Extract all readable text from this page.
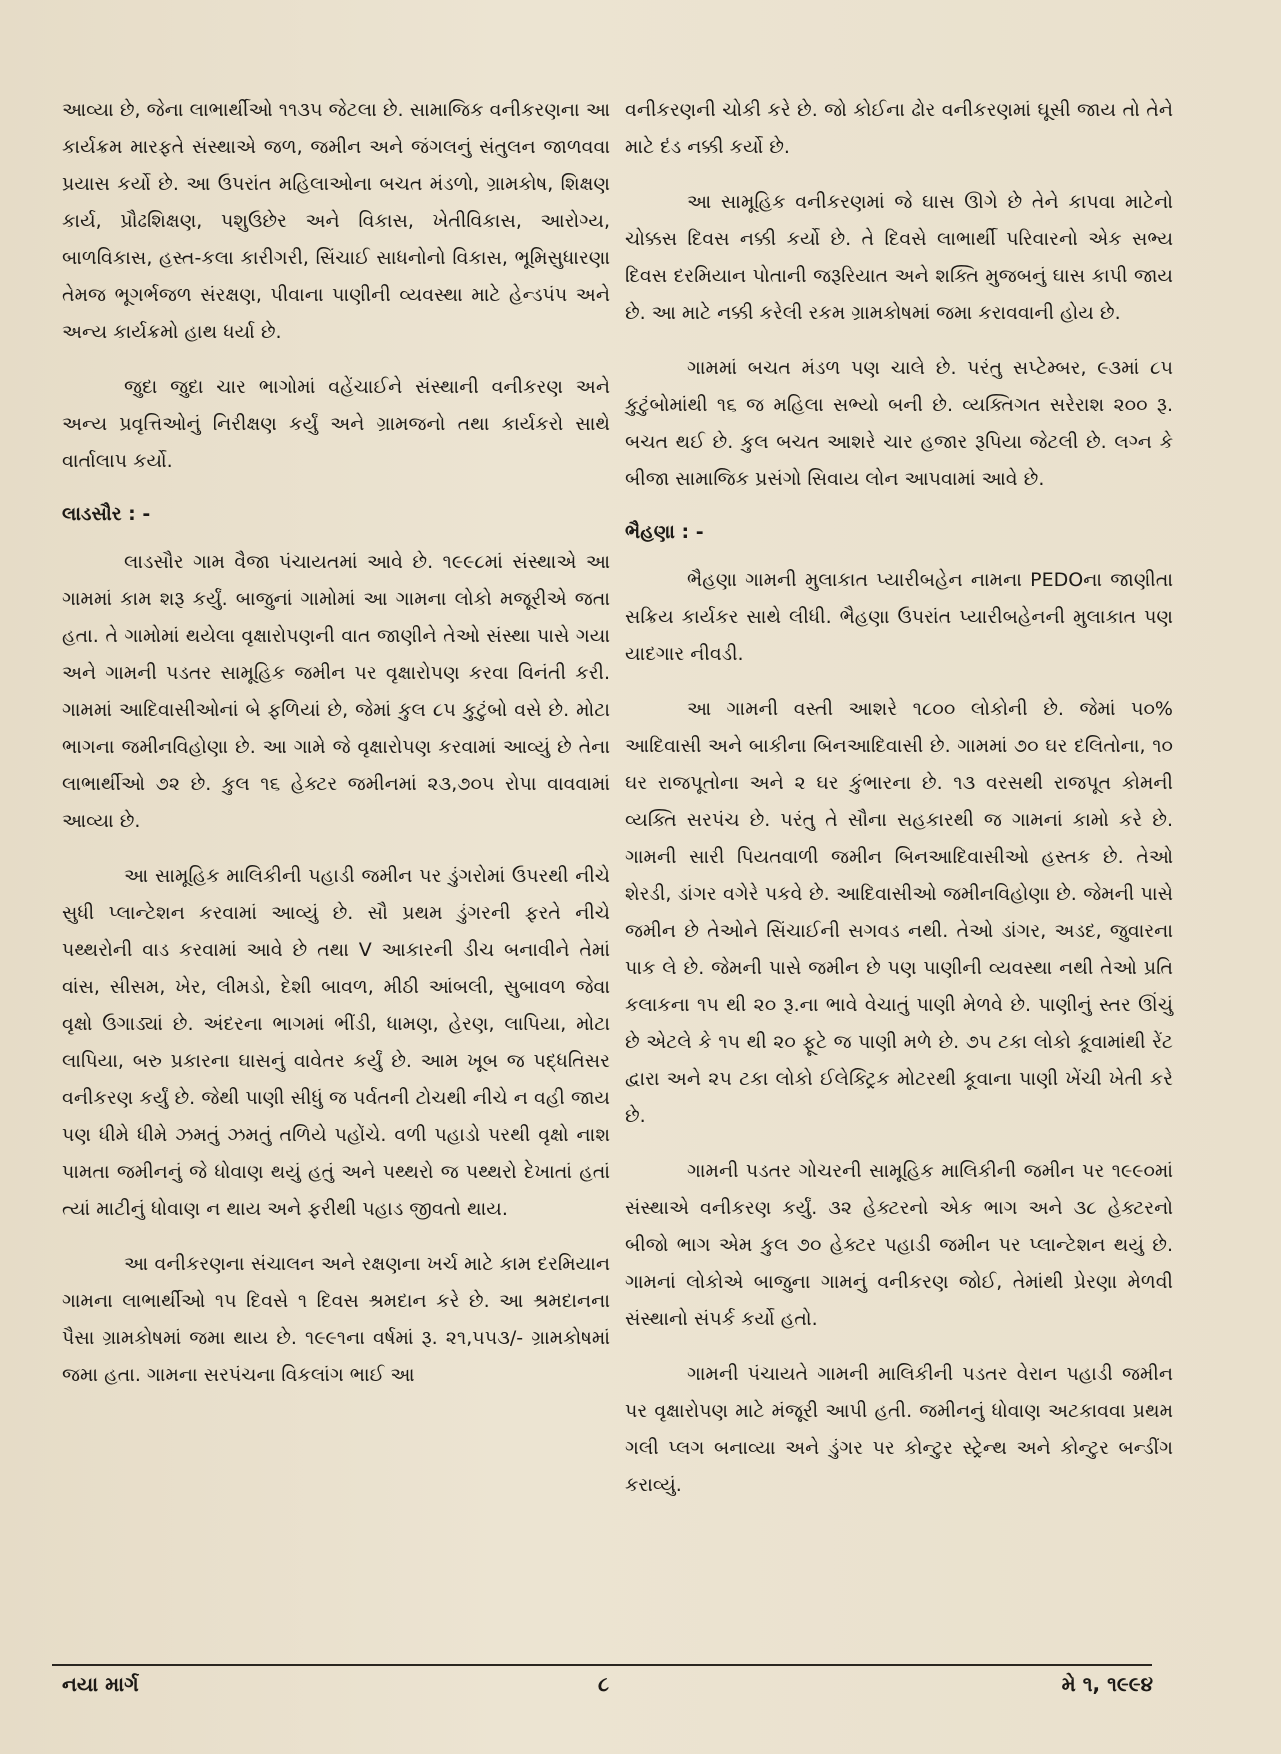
આવ્યા છે, જેના લાભાર્થીઓ ૧૧૩૫ જેટલા છે. સામાજિક વનીકરણના આ કાર્યક્રમ મારફતે સંસ્થાએ જળ, જમીન અને જંગલનું સંતુલન જાળવવા પ્રયાસ કર્યો છે. આ ઉપરાંત મહિલાઓના બચત મંડળો, ગ્રામકોષ, શિક્ષણ કાર્ય, પ્રૌઢશિક્ષણ, પશુઉછેર અને વિકાસ, ખેતીવિકાસ, આરોગ્ય, બાળવિકાસ, હસ્ત-કલા કારીગરી, સિંચાઈ સાધનોનો વિકાસ, ભૂમિસુધારણા તેમજ ભૂગર્ભજળ સંરક્ષણ, પીવાના પાણીની વ્યવસ્થા માટે હેન્ડપંપ અને અન્ય કાર્યક્રમો હાથ ધર્યા છે.

જુદા જુદા ચાર ભાગોમાં વહેંચાઈને સંસ્થાની વનીકરણ અને અન્ય પ્રવૃત્તિઓનું નિરીક્ષણ કર્યું અને ગ્રામજનો તથા કાર્યકરો સાથે વાર્તાલાપ કર્યો.

લાડસૌર : -

લાડસૌર ગામ વૈજા પંચાયતમાં આવે છે. ૧૯૯૮માં સંસ્થાએ આ ગામમાં કામ શરૂ કર્યું. બાજુનાં ગામોમાં આ ગામના લોકો મજૂરીએ જતા હતા. તે ગામોમાં થયેલા વૃક્ષારોપણની વાત જાણીને તેઓ સંસ્થા પાસે ગયા અને ગામની પડતર સામૂહિક જમીન પર વૃક્ષારોપણ કરવા વિનંતી કરી. ગામમાં આદિવાસીઓનાં બે ફળિયાં છે, જેમાં કુલ ૮૫ કુટુંબો વસે છે. મોટા ભાગના જમીનવિહોણા છે. આ ગામે જે વૃક્ષારોપણ કરવામાં આવ્યું છે તેના લાભાર્થીઓ ૭૨ છે. કુલ ૧૬ હેક્ટર જમીનમાં ૨૩,૭૦૫ રોપા વાવવામાં આવ્યા છે.

આ સામૂહિક માલિકીની પહાડી જમીન પર ડુંગરોમાં ઉપરથી નીચે સુધી પ્લાન્ટેશન કરવામાં આવ્યું છે. સૌ પ્રથમ ડુંગરની ફરતે નીચે પથ્થરોની વાડ કરવામાં આવે છે તથા V આકારની ડીચ બનાવીને તેમાં વાંસ, સીસમ, ખેર, લીમડો, દેશી બાવળ, મીઠી આંબલી, સુબાવળ જેવા વૃક્ષો ઉગાડ્યાં છે. અંદરના ભાગમાં ભીંડી, ધામણ, હેરણ, લાપિયા, મોટા લાપિયા, બરુ પ્રકારના ઘાસનું વાવેતર કર્યું છે. આમ ખૂબ જ પદ્ધતિસર વનીકરણ કર્યું છે. જેથી પાણી સીધું જ પર્વતની ટોચથી નીચે ન વહી જાય પણ ધીમે ધીમે ઝમતું ઝમતું તળિયે પહોંચે. વળી પહાડો પરથી વૃક્ષો નાશ પામતા જમીનનું જે ધોવાણ થયું હતું અને પથ્થરો જ પથ્થરો દેખાતાં હતાં ત્યાં માટીનું ધોવાણ ન થાય અને ફરીથી પહાડ જીવતો થાય.

આ વનીકરણના સંચાલન અને રક્ષણના ખર્ચ માટે કામ દરમિયાન ગામના લાભાર્થીઓ ૧૫ દિવસે ૧ દિવસ શ્રમદાન કરે છે. આ શ્રમદાનના પૈસા ગ્રામકોષમાં જમા થાય છે. ૧૯૯૧ના વર્ષમાં રૂ. ૨૧,૫૫૩/- ગ્રામકોષમાં જમા હતા. ગામના સરપંચના વિકલાંગ ભાઈ આ

વનીકરણની ચોકી કરે છે. જો કોઈના ઢોર વનીકરણમાં ઘૂસી જાય તો તેને માટે દંડ નક્કી કર્યો છે.

આ સામૂહિક વનીકરણમાં જે ઘાસ ઊગે છે તેને કાપવા માટેનો ચોક્કસ દિવસ નક્કી કર્યો છે. તે દિવસે લાભાર્થી પરિવારનો એક સભ્ય દિવસ દરમિયાન પોતાની જરૂરિયાત અને શક્તિ મુજબનું ઘાસ કાપી જાય છે. આ માટે નક્કી કરેલી રકમ ગ્રામકોષમાં જમા કરાવવાની હોય છે.

ગામમાં બચત મંડળ પણ ચાલે છે. પરંતુ સપ્ટેમ્બર, ૯૩માં ૮૫ કુટુંબોમાંથી ૧૬ જ મહિલા સભ્યો બની છે. વ્યક્તિગત સરેરાશ ૨૦૦ રૂ. બચત થઈ છે. કુલ બચત આશરે ચાર હજાર રૂપિયા જેટલી છે. લગ્ન કે બીજા સામાજિક પ્રસંગો સિવાય લોન આપવામાં આવે છે.

ભૈહણા : -

ભૈહણા ગામની મુલાકાત પ્યારીબહેન નામના PEDOના જાણીતા સક્રિય કાર્યકર સાથે લીધી. ભૈહણા ઉપરાંત પ્યારીબહેનની મુલાકાત પણ યાદગાર નીવડી.

આ ગામની વસ્તી આશરે ૧૮૦૦ લોકોની છે. જેમાં ૫૦% આદિવાસી અને બાકીના બિનઆદિવાસી છે. ગામમાં ૭૦ ઘર દલિતોના, ૧૦ ઘર રાજપૂતોના અને ૨ ઘર કુંભારના છે. ૧૩ વરસથી રાજપૂત કોમની વ્યક્તિ સરપંચ છે. પરંતુ તે સૌના સહકારથી જ ગામનાં કામો કરે છે. ગામની સારી પિયતવાળી જમીન બિનઆદિવાસીઓ હસ્તક છે. તેઓ શેરડી, ડાંગર વગેરે પકવે છે. આદિવાસીઓ જમીનવિહોણા છે. જેમની પાસે જમીન છે તેઓને સિંચાઈની સગવડ નથી. તેઓ ડાંગર, અડદ, જુવારના પાક લે છે. જેમની પાસે જમીન છે પણ પાણીની વ્યવસ્થા નથી તેઓ પ્રતિ કલાકના ૧૫ થી ૨૦ રૂ.ના ભાવે વેચાતું પાણી મેળવે છે. પાણીનું સ્તર ઊંચું છે એટલે કે ૧૫ થી ૨૦ ફૂટે જ પાણી મળે છે. ૭૫ ટકા લોકો કૂવામાંથી રેંટ દ્વારા અને ૨૫ ટકા લોકો ઈલેક્ટ્રિક મોટરથી કૂવાના પાણી ખેંચી ખેતી કરે છે.

ગામની પડતર ગોચરની સામૂહિક માલિકીની જમીન પર ૧૯૯૦માં સંસ્થાએ વનીકરણ કર્યું. ૩૨ હેક્ટરનો એક ભાગ અને ૩૮ હેક્ટરનો બીજો ભાગ એમ કુલ ૭૦ હેક્ટર પહાડી જમીન પર પ્લાન્ટેશન થયું છે. ગામનાં લોકોએ બાજુના ગામનું વનીકરણ જોઈ, તેમાંથી પ્રેરણા મેળવી સંસ્થાનો સંપર્ક કર્યો હતો.

ગામની પંચાયતે ગામની માલિકીની પડતર વેરાન પહાડી જમીન પર વૃક્ષારોપણ માટે મંજૂરી આપી હતી. જમીનનું ધોવાણ અટકાવવા પ્રથમ ગલી પ્લગ બનાવ્યા અને ડુંગર પર કોન્ટુર સ્ટ્રેન્થ અને કોન્ટુર બન્ડીંગ કરાવ્યું.

નયા માર્ગ	૮	મે ૧, ૧૯૯૪
